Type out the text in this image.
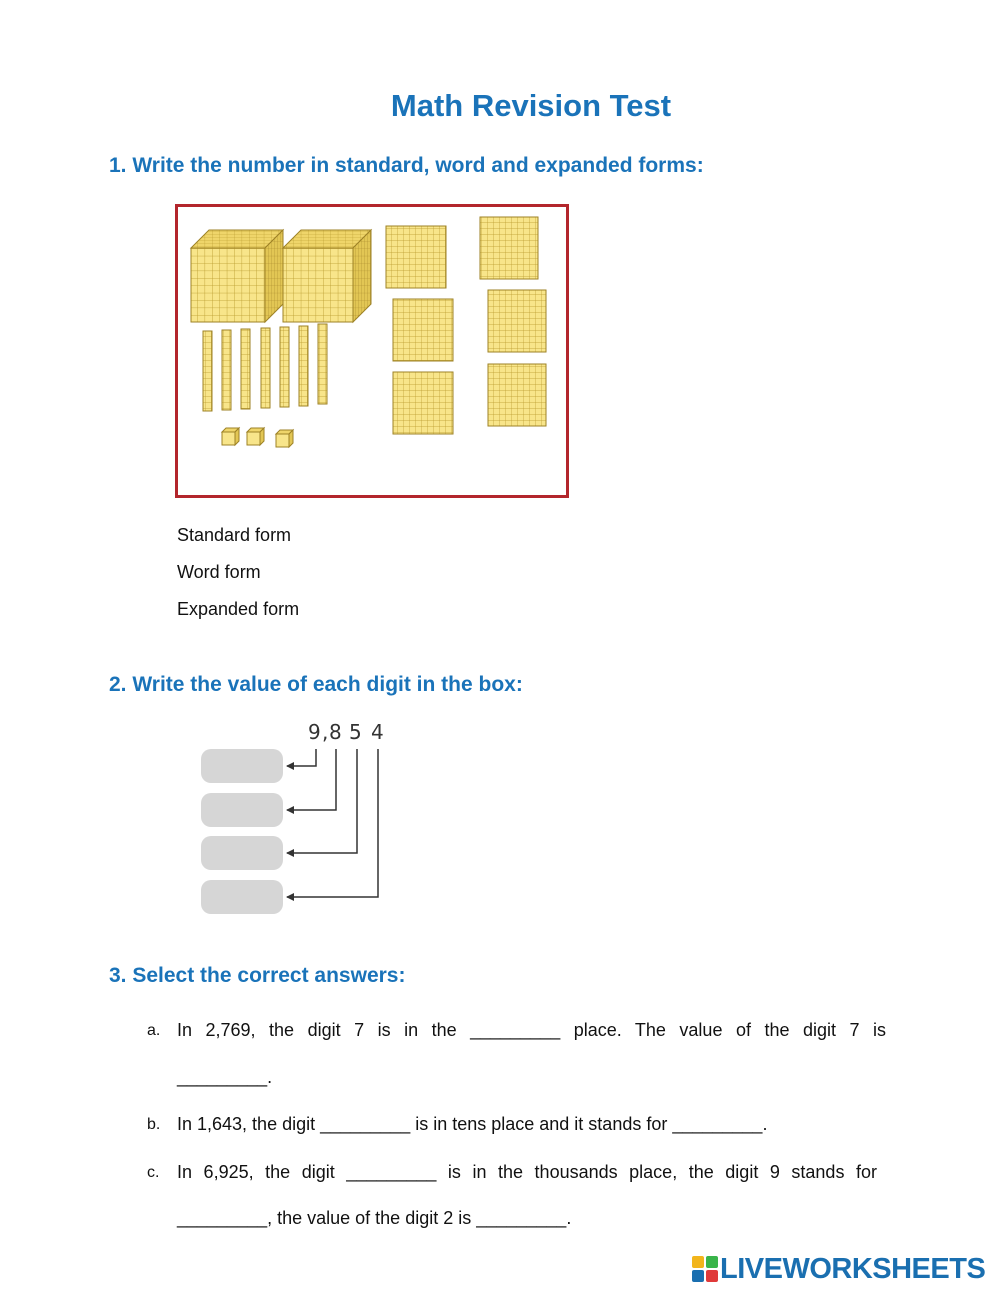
Math Revision Test
1. Write the number in standard, word and expanded forms:
Standard form
Word form
Expanded form
2. Write the value of each digit in the box:
9 , 8 5 4
3. Select the correct answers:
a. In 2,769, the digit 7 is in the _________ place. The value of the digit 7 is
_________.
b. In 1,643, the digit _________ is in tens place and it stands for _________.
c. In 6,925, the digit _________ is in the thousands place, the digit 9 stands for
_________, the value of the digit 2 is _________.
LIVEWORKSHEETS
